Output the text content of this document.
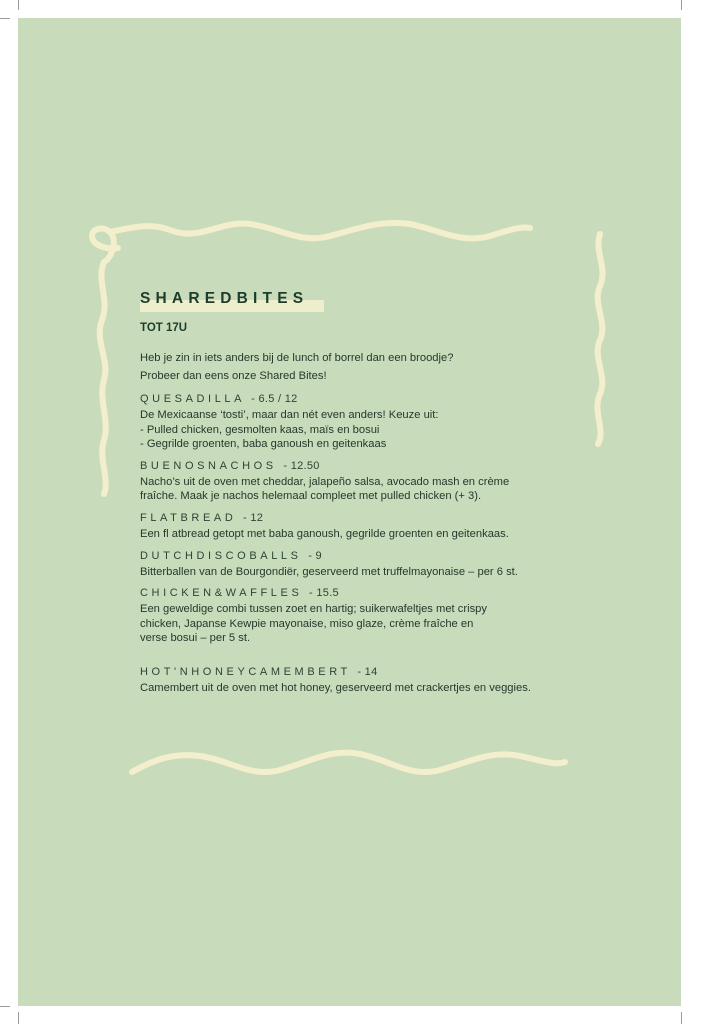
SHAREDBITES
TOT 17U
Heb je zin in iets anders bij de lunch of borrel dan een broodje?
Probeer dan eens onze Shared Bites!
QUESADILLA - 6.5 / 12
De Mexicaanse ‘tosti’, maar dan nét even anders! Keuze uit:
- Pulled chicken, gesmolten kaas, maïs en bosui
- Gegrilde groenten, baba ganoush en geitenkaas
BUENOSNACHOS - 12.50
Nacho’s uit de oven met cheddar, jalapeño salsa, avocado mash en crème
fraîche. Maak je nachos helemaal compleet met pulled chicken (+ 3).
FLATBREAD - 12
Een fl atbread getopt met baba ganoush, gegrilde groenten en geitenkaas.
DUTCHDISCOBALLS - 9
Bitterballen van de Bourgondiër, geserveerd met truffelmayonaise – per 6 st.
CHICKEN&WAFFLES - 15.5
Een geweldige combi tussen zoet en hartig; suikerwafeltjes met crispy
chicken, Japanse Kewpie mayonaise, miso glaze, crème fraîche en
verse bosui – per 5 st.
HOT'NHONEYCAMEMBERT - 14
Camembert uit de oven met hot honey, geserveerd met crackertjes en veggies.
